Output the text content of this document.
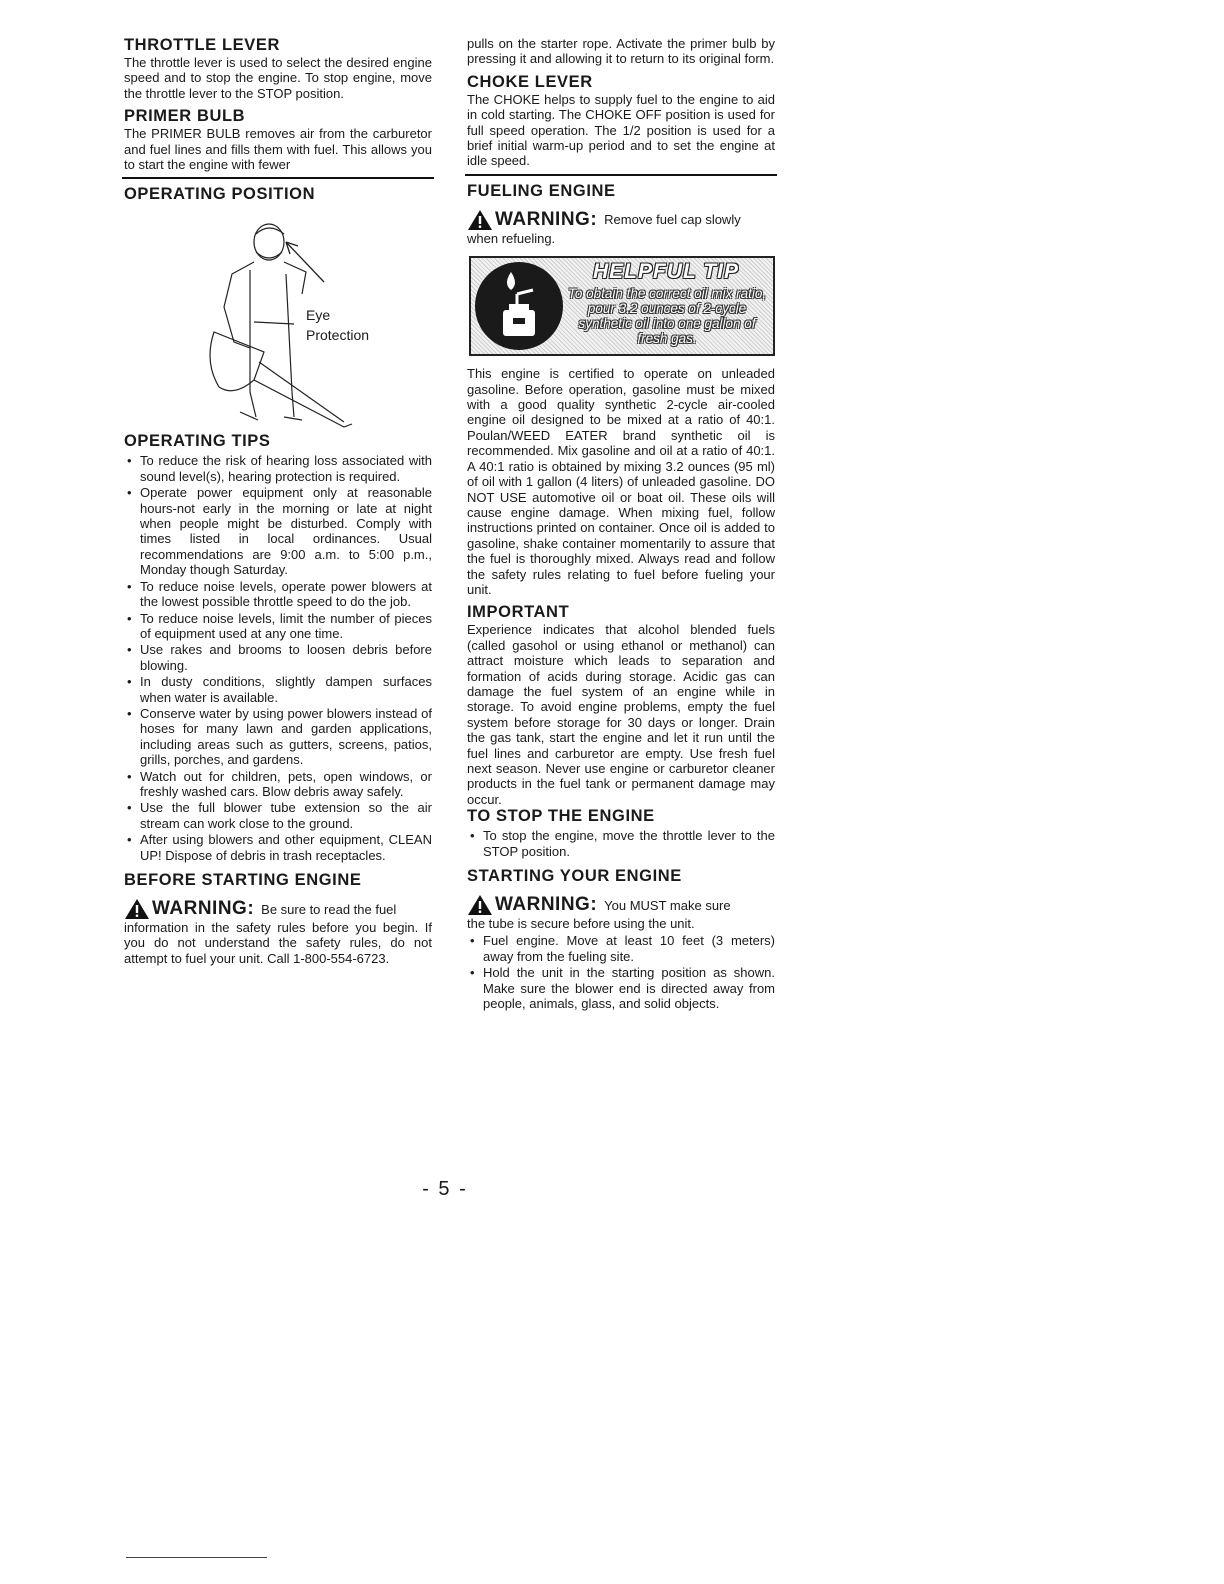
THROTTLE LEVER

The throttle lever is used to select the desired engine speed and to stop the engine. To stop engine, move the throttle lever to the STOP position.

PRIMER BULB

The PRIMER BULB removes air from the carburetor and fuel lines and fills them with fuel. This allows you to start the engine with fewer

OPERATING POSITION
Eye
Protection
OPERATING TIPS
• To reduce the risk of hearing loss associated with sound level(s), hearing protection is required.
• Operate power equipment only at reasonable hours-not early in the morning or late at night when people might be disturbed. Comply with times listed in local ordinances. Usual recommendations are 9:00 a.m. to 5:00 p.m., Monday though Saturday.
• To reduce noise levels, operate power blowers at the lowest possible throttle speed to do the job.
• To reduce noise levels, limit the number of pieces of equipment used at any one time.
• Use rakes and brooms to loosen debris before blowing.
• In dusty conditions, slightly dampen surfaces when water is available.
• Conserve water by using power blowers instead of hoses for many lawn and garden applications, including areas such as gutters, screens, patios, grills, porches, and gardens.
• Watch out for children, pets, open windows, or freshly washed cars. Blow debris away safely.
• Use the full blower tube extension so the air stream can work close to the ground.
• After using blowers and other equipment, CLEAN UP! Dispose of debris in trash receptacles.
BEFORE STARTING ENGINE
WARNING: Be sure to read the fuel

information in the safety rules before you begin. If you do not understand the safety rules, do not attempt to fuel your unit. Call 1-800-554-6723.

pulls on the starter rope. Activate the primer bulb by pressing it and allowing it to return to its original form.

CHOKE LEVER

The CHOKE helps to supply fuel to the engine to aid in cold starting. The CHOKE OFF position is used for full speed operation. The 1/2 position is used for a brief initial warm-up period and to set the engine at idle speed.

FUELING ENGINE
WARNING: Remove fuel cap slowly

when refueling.

HELPFUL TIP
To obtain the correct oil mix ratio, pour 3.2 ounces of 2-cycle synthetic oil into one gallon of fresh gas.

This engine is certified to operate on unleaded gasoline. Before operation, gasoline must be mixed with a good quality synthetic 2-cycle air-cooled engine oil designed to be mixed at a ratio of 40:1. Poulan/WEED EATER brand synthetic oil is recommended. Mix gasoline and oil at a ratio of 40:1. A 40:1 ratio is obtained by mixing 3.2 ounces (95 ml) of oil with 1 gallon (4 liters) of unleaded gasoline. DO NOT USE automotive oil or boat oil. These oils will cause engine damage. When mixing fuel, follow instructions printed on container. Once oil is added to gasoline, shake container momentarily to assure that the fuel is thoroughly mixed. Always read and follow the safety rules relating to fuel before fueling your unit.

IMPORTANT

Experience indicates that alcohol blended fuels (called gasohol or using ethanol or methanol) can attract moisture which leads to separation and formation of acids during storage. Acidic gas can damage the fuel system of an engine while in storage. To avoid engine problems, empty the fuel system before storage for 30 days or longer. Drain the gas tank, start the engine and let it run until the fuel lines and carburetor are empty. Use fresh fuel next season. Never use engine or carburetor cleaner products in the fuel tank or permanent damage may occur.

TO STOP THE ENGINE
• To stop the engine, move the throttle lever to the STOP position.
STARTING YOUR ENGINE
WARNING: You MUST make sure

the tube is secure before using the unit.

• Fuel engine. Move at least 10 feet (3 meters) away from the fueling site.
• Hold the unit in the starting position as shown. Make sure the blower end is directed away from people, animals, glass, and solid objects.
- 5 -
